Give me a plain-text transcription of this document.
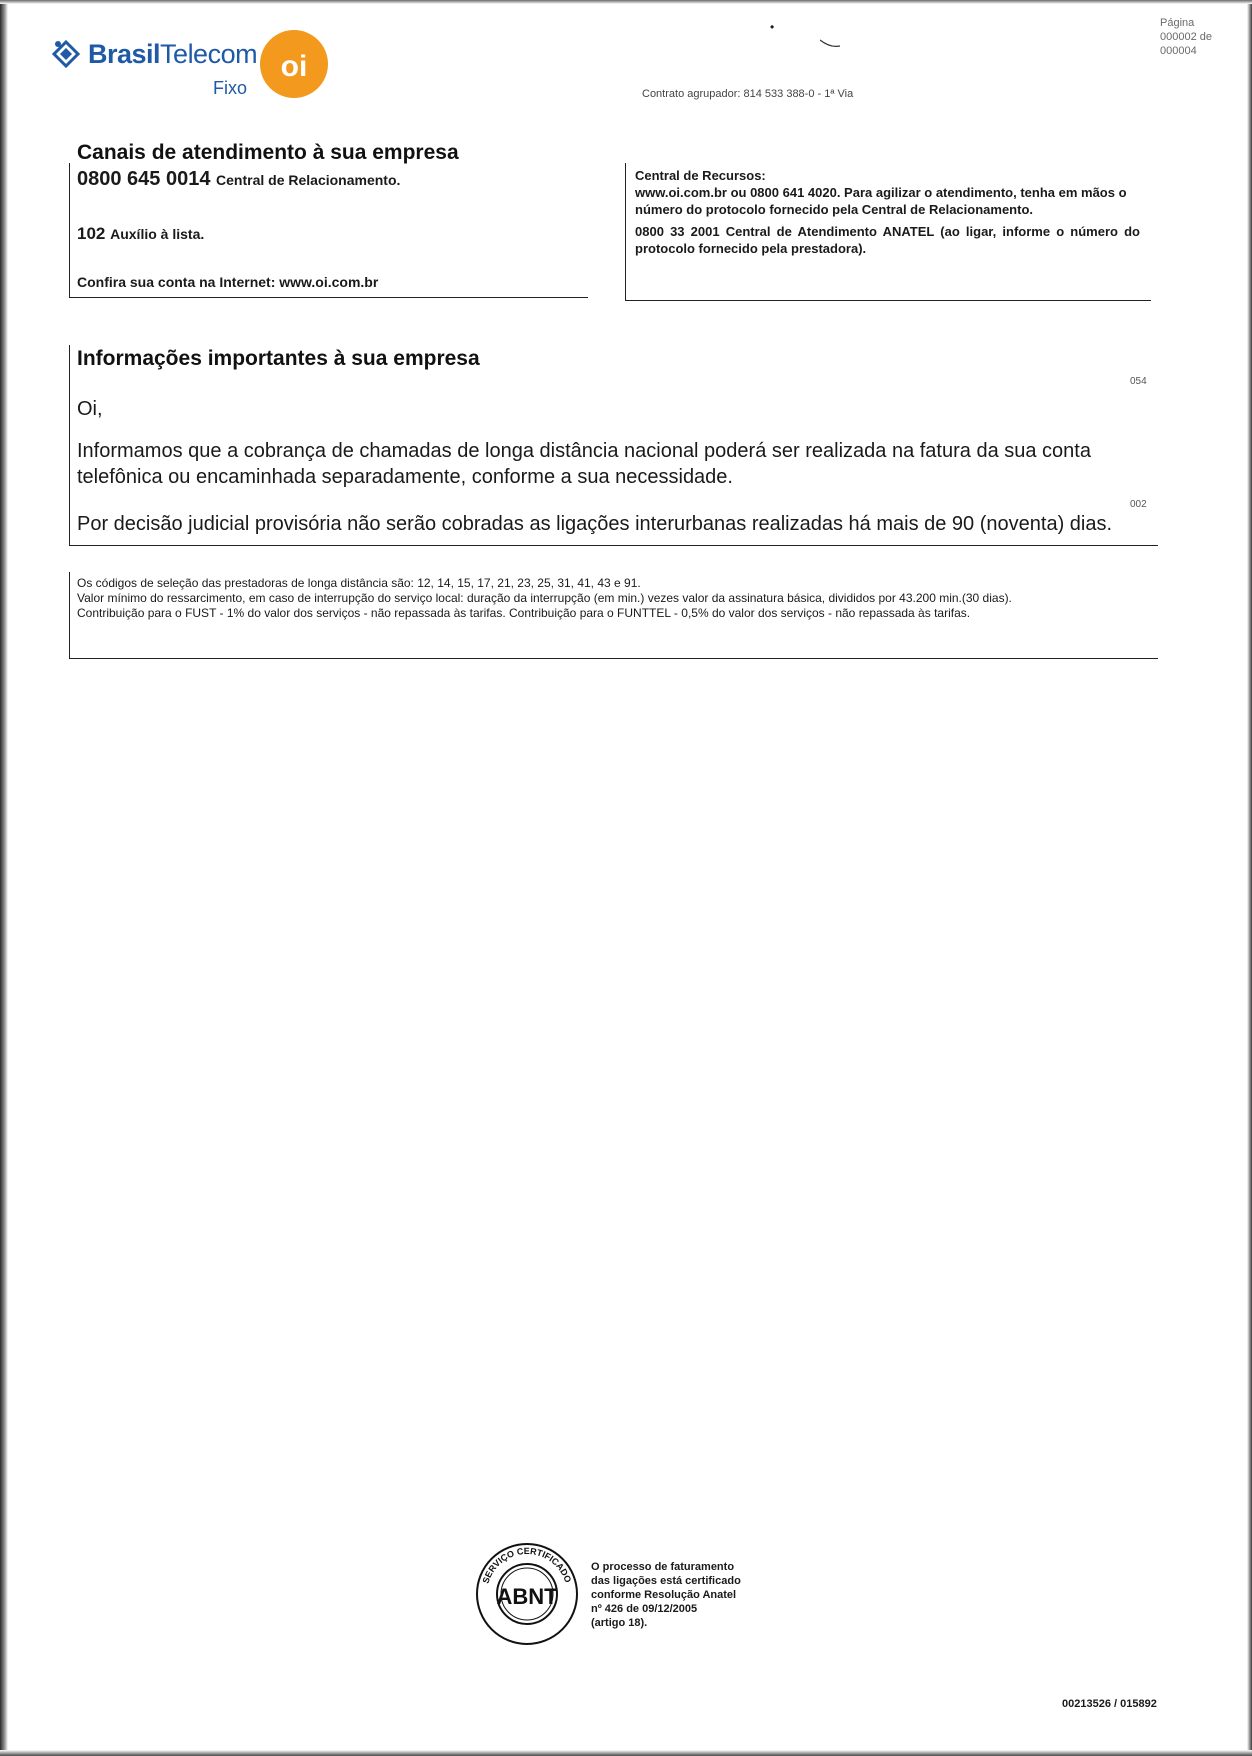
•
BrasilTelecom
Fixo
oi
Página
000002 de
000004
Contrato agrupador: 814 533 388-0 - 1ª Via
Canais de atendimento à sua empresa
0800 645 0014 Central de Relacionamento.
102 Auxílio à lista.
Confira sua conta na Internet: www.oi.com.br

Central de Recursos:

www.oi.com.br ou 0800 641 4020. Para agilizar o atendimento, tenha em mãos o número do protocolo fornecido pela Central de Relacionamento.

0800 33 2001 Central de Atendimento ANATEL (ao ligar, informe o número do protocolo fornecido pela prestadora).

Informações importantes à sua empresa
054
Oi,
Informamos que a cobrança de chamadas de longa distância nacional poderá ser realizada na fatura da sua conta telefônica ou encaminhada separadamente, conforme a sua necessidade.
002
Por decisão judicial provisória não serão cobradas as ligações interurbanas realizadas há mais de 90 (noventa) dias.

Os códigos de seleção das prestadoras de longa distância são: 12, 14, 15, 17, 21, 23, 25, 31, 41, 43 e 91.

Valor mínimo do ressarcimento, em caso de interrupção do serviço local: duração da interrupção (em min.) vezes valor da assinatura básica, divididos por 43.200 min.(30 dias).

Contribuição para o FUST - 1% do valor dos serviços - não repassada às tarifas. Contribuição para o FUNTTEL - 0,5% do valor dos serviços - não repassada às tarifas.

SERVIÇO CERTIFICADO
ABNT
O processo de faturamento
das ligações está certificado
conforme Resolução Anatel
nº 426 de 09/12/2005
(artigo 18).
00213526 / 015892
